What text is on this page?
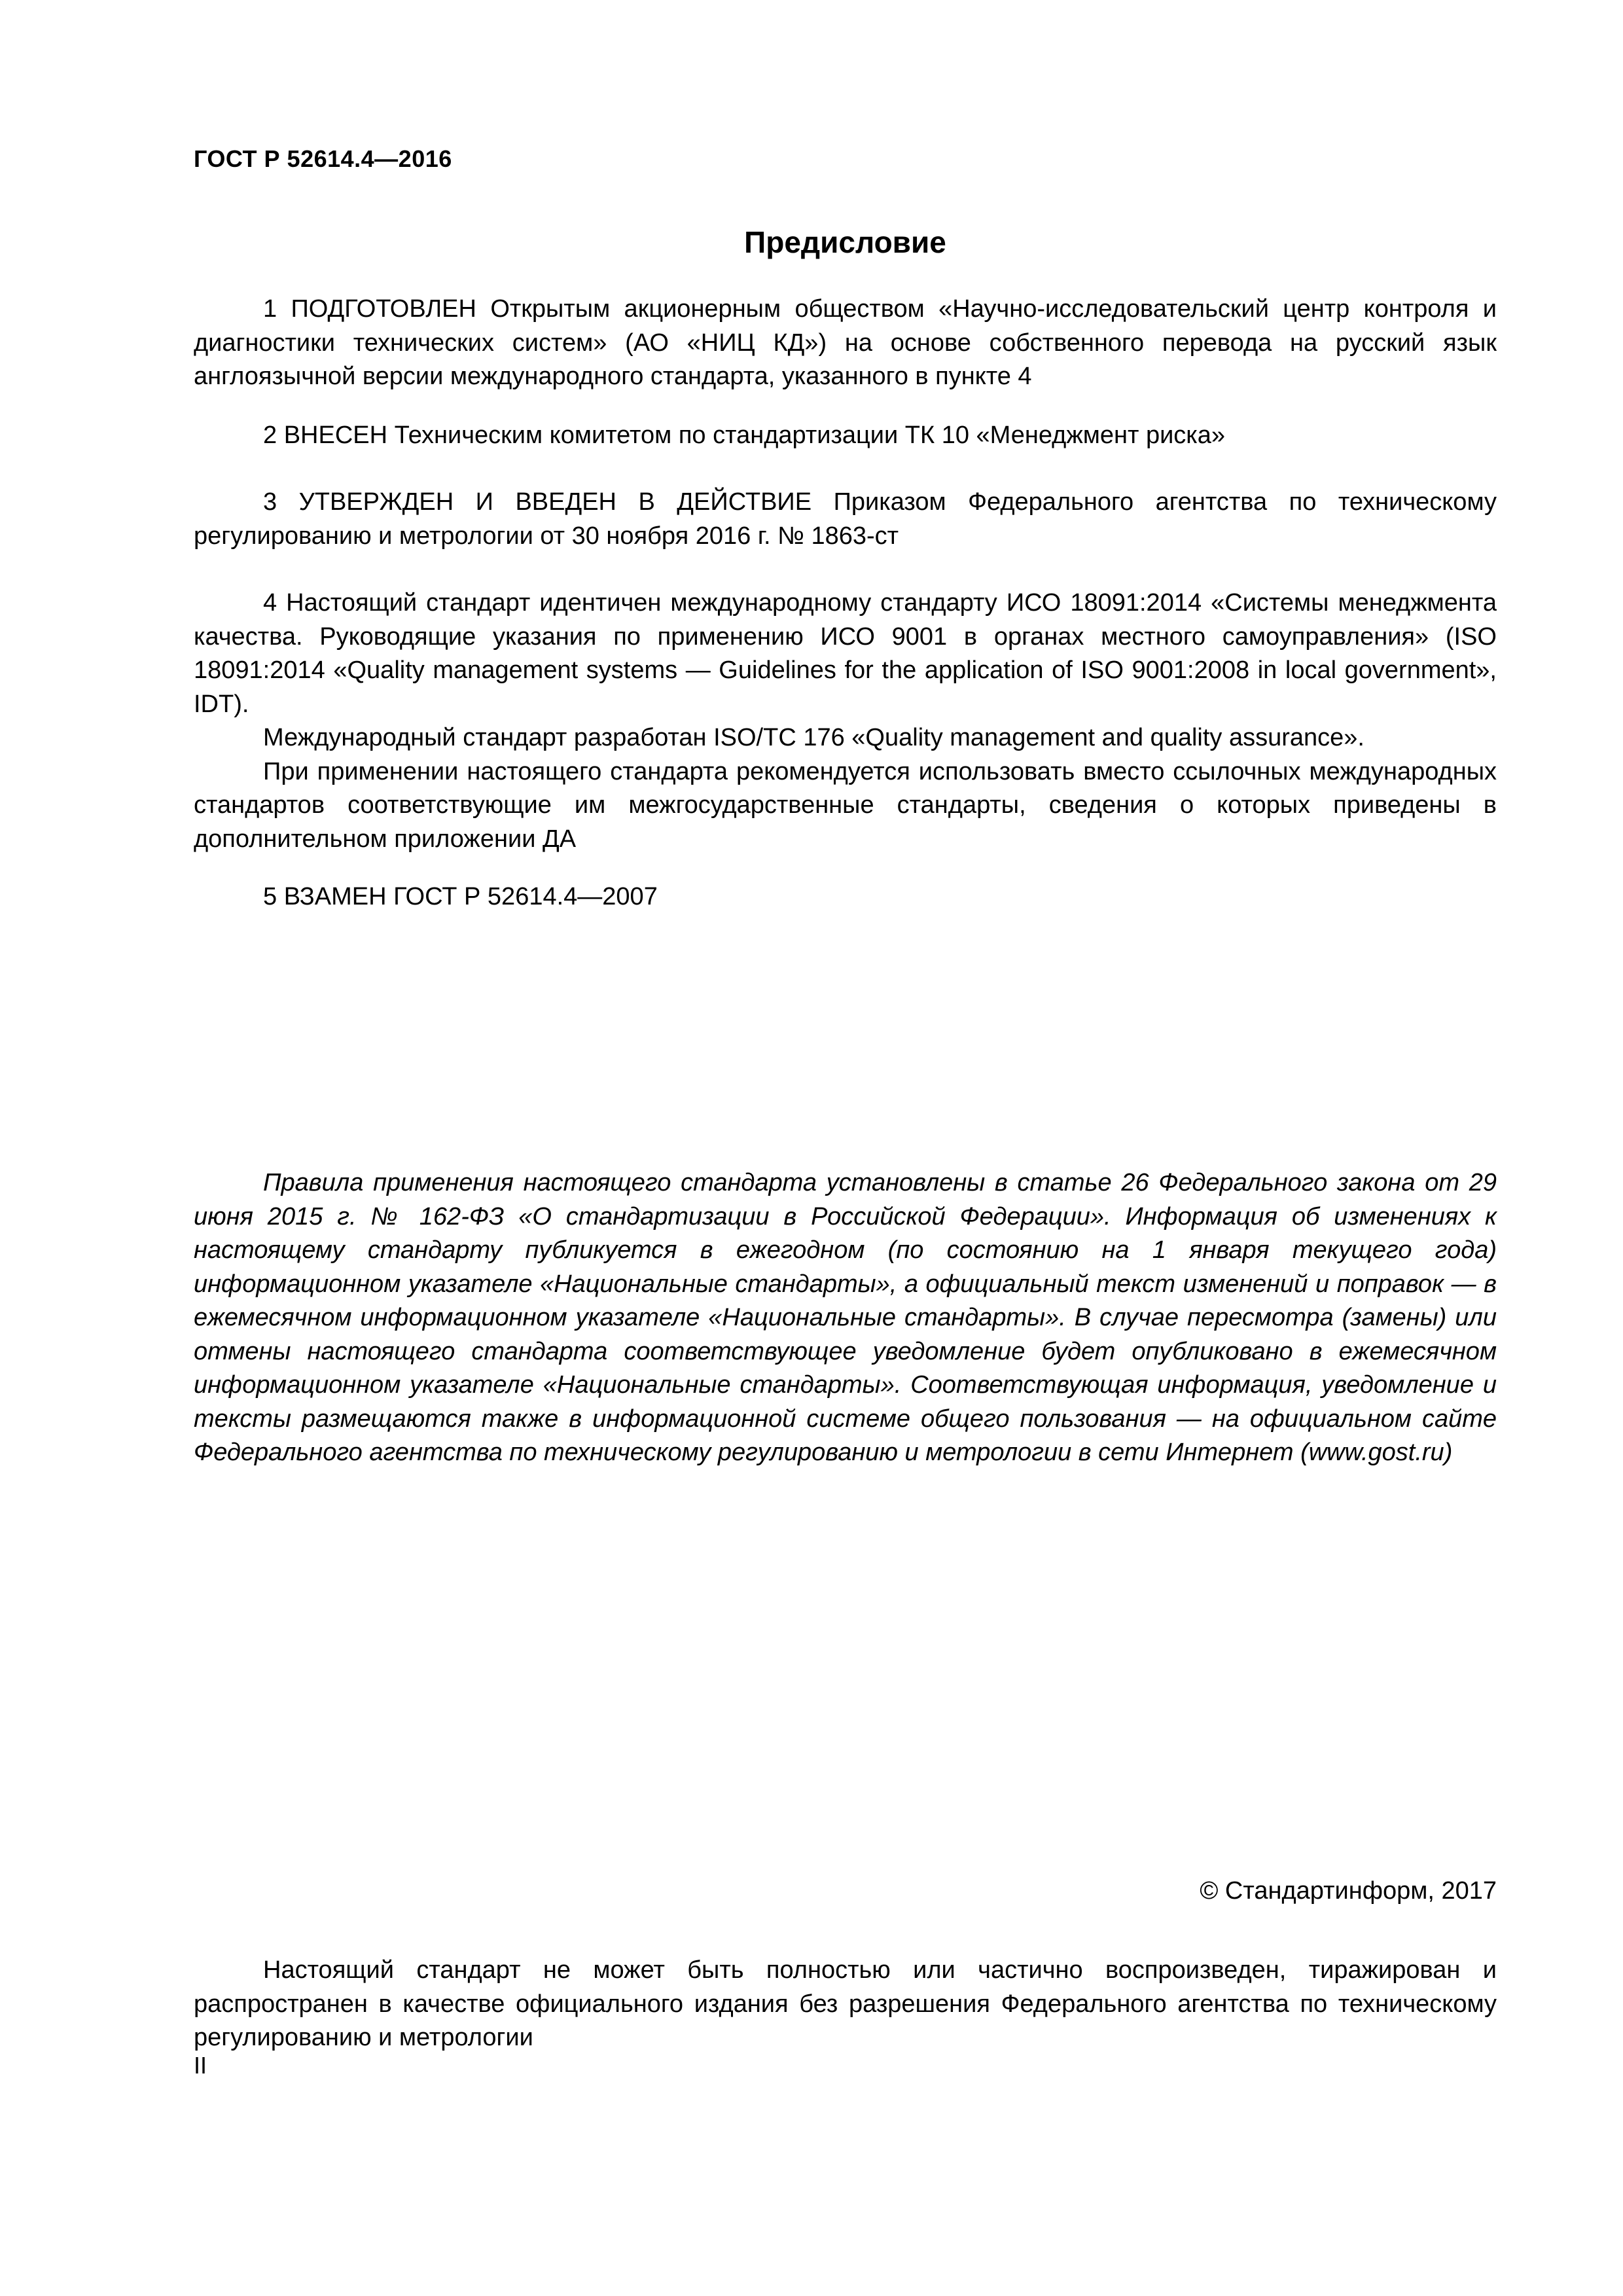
ГОСТ Р 52614.4—2016
Предисловие

1 ПОДГОТОВЛЕН Открытым акционерным обществом «Научно-исследовательский центр контроля и диагностики технических систем» (АО «НИЦ КД») на основе собственного перевода на русский язык англоязычной версии международного стандарта, указанного в пункте 4

2 ВНЕСЕН Техническим комитетом по стандартизации ТК 10 «Менеджмент риска»

3 УТВЕРЖДЕН И ВВЕДЕН В ДЕЙСТВИЕ Приказом Федерального агентства по техническому регулированию и метрологии от 30 ноября 2016 г. № 1863-ст

4 Настоящий стандарт идентичен международному стандарту ИСО 18091:2014 «Системы менеджмента качества. Руководящие указания по применению ИСО 9001 в органах местного самоуправления» (ISO 18091:2014 «Quality management systems — Guidelines for the application of ISO 9001:2008 in local government», IDT).

Международный стандарт разработан ISO/TC 176 «Quality management and quality assurance».

При применении настоящего стандарта рекомендуется использовать вместо ссылочных международных стандартов соответствующие им межгосударственные стандарты, сведения о которых приведены в дополнительном приложении ДА

5 ВЗАМЕН ГОСТ Р 52614.4—2007

Правила применения настоящего стандарта установлены в статье 26 Федерального закона от 29 июня 2015 г. № 162-ФЗ «О стандартизации в Российской Федерации». Информация об изменениях к настоящему стандарту публикуется в ежегодном (по состоянию на 1 января текущего года) информационном указателе «Национальные стандарты», а официальный текст изменений и поправок — в ежемесячном информационном указателе «Национальные стандарты». В случае пересмотра (замены) или отмены настоящего стандарта соответствующее уведомление будет опубликовано в ежемесячном информационном указателе «Национальные стандарты». Соответствующая информация, уведомление и тексты размещаются также в информационной системе общего пользования — на официальном сайте Федерального агентства по техническому регулированию и метрологии в сети Интернет (www.gost.ru)

© Стандартинформ, 2017

Настоящий стандарт не может быть полностью или частично воспроизведен, тиражирован и распространен в качестве официального издания без разрешения Федерального агентства по техническому регулированию и метрологии

II
